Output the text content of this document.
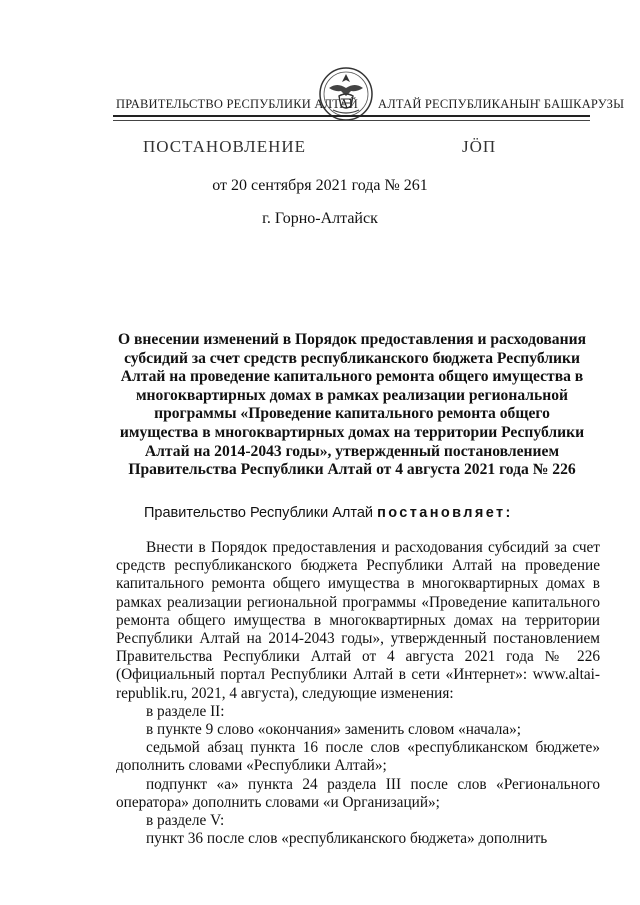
ПРАВИТЕЛЬСТВО РЕСПУБЛИКИ АЛТАЙ АЛТАЙ РЕСПУБЛИКАНЫҤ БАШКАРУЗЫ
ПОСТАНОВЛЕНИЕ	ЈӦП
от 20 сентября 2021 года № 261
г. Горно-Алтайск
О внесении изменений в Порядок предоставления и расходования субсидий за счет средств республиканского бюджета Республики Алтай на проведение капитального ремонта общего имущества в многоквартирных домах в рамках реализации региональной программы «Проведение капитального ремонта общего имущества в многоквартирных домах на территории Республики Алтай на 2014-2043 годы», утвержденный постановлением Правительства Республики Алтай от 4 августа 2021 года № 226
Правительство Республики Алтай постановляет:

Внести в Порядок предоставления и расходования субсидий за счет средств республиканского бюджета Республики Алтай на проведение капитального ремонта общего имущества в многоквартирных домах в рамках реализации региональной программы «Проведение капитального ремонта общего имущества в многоквартирных домах на территории Республики Алтай на 2014-2043 годы», утвержденный постановлением Правительства Республики Алтай от 4 августа 2021 года № 226 (Официальный портал Республики Алтай в сети «Интернет»: www.altai-republik.ru, 2021, 4 августа), следующие изменения:

в разделе II:

в пункте 9 слово «окончания» заменить словом «начала»;

седьмой абзац пункта 16 после слов «республиканском бюджете» дополнить словами «Республики Алтай»;

подпункт «а» пункта 24 раздела III после слов «Регионального оператора» дополнить словами «и Организаций»;

в разделе V:

пункт 36 после слов «республиканского бюджета» дополнить
